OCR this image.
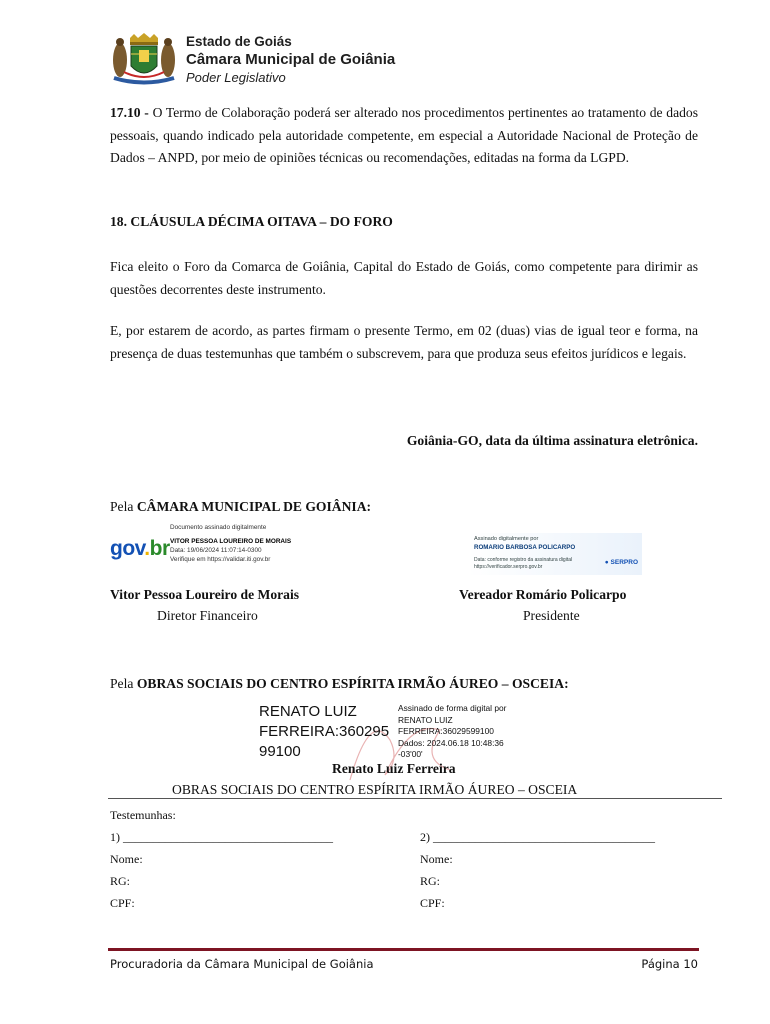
Estado de Goiás
Câmara Municipal de Goiânia
Poder Legislativo
17.10 - O Termo de Colaboração poderá ser alterado nos procedimentos pertinentes ao tratamento de dados pessoais, quando indicado pela autoridade competente, em especial a Autoridade Nacional de Proteção de Dados – ANPD, por meio de opiniões técnicas ou recomendações, editadas na forma da LGPD.
18. CLÁUSULA DÉCIMA OITAVA – DO FORO
Fica eleito o Foro da Comarca de Goiânia, Capital do Estado de Goiás, como competente para dirimir as questões decorrentes deste instrumento.
E, por estarem de acordo, as partes firmam o presente Termo, em 02 (duas) vias de igual teor e forma, na presença de duas testemunhas que também o subscrevem, para que produza seus efeitos jurídicos e legais.
Goiânia-GO, data da última assinatura eletrônica.
Pela CÂMARA MUNICIPAL DE GOIÂNIA:
gov.br
Documento assinado digitalmente
VITOR PESSOA LOUREIRO DE MORAIS
Data: 19/06/2024 11:07:14-0300
Verifique em https://validar.iti.gov.br
Assinado digitalmente por
ROMARIO BARBOSA POLICARPO
Data: conforme registro da assinatura digital
https://verificador.serpro.gov.br
● SERPRO
Vitor Pessoa Loureiro de Morais
Diretor Financeiro
Vereador Romário Policarpo
Presidente
Pela OBRAS SOCIAIS DO CENTRO ESPÍRITA IRMÃO ÁUREO – OSCEIA:
RENATO LUIZ
FERREIRA:360295
99100
Assinado de forma digital por
RENATO LUIZ
FERREIRA:36029599100
Dados: 2024.06.18 10:48:36
-03'00'
Renato Luiz Ferreira
OBRAS SOCIAIS DO CENTRO ESPÍRITA IRMÃO ÁUREO – OSCEIA
Testemunhas:
1) ___________________________________	2) _____________________________________
Nome:	Nome:
RG:	RG:
CPF:	CPF:
Procuradoria da Câmara Municipal de Goiânia	Página 10
